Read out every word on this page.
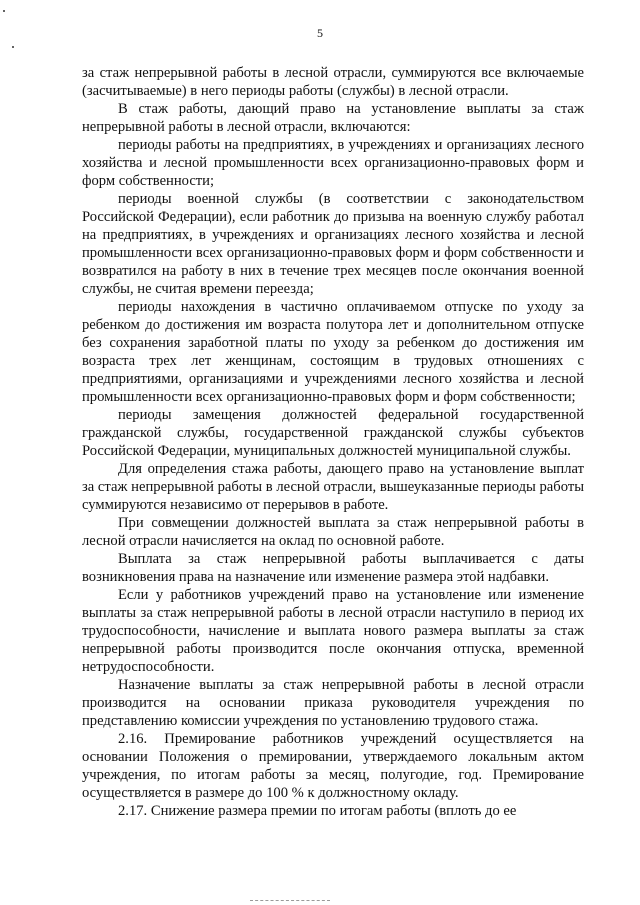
5

за стаж непрерывной работы в лесной отрасли, суммируются все включаемые (засчитываемые) в него периоды работы (службы) в лесной отрасли.

В стаж работы, дающий право на установление выплаты за стаж непрерывной работы в лесной отрасли, включаются:

периоды работы на предприятиях, в учреждениях и организациях лесного хозяйства и лесной промышленности всех организационно-правовых форм и форм собственности;

периоды военной службы (в соответствии с законодательством Российской Федерации), если работник до призыва на военную службу работал на предприятиях, в учреждениях и организациях лесного хозяйства и лесной промышленности всех организационно-правовых форм и форм собственности и возвратился на работу в них в течение трех месяцев после окончания военной службы, не считая времени переезда;

периоды нахождения в частично оплачиваемом отпуске по уходу за ребенком до достижения им возраста полутора лет и дополнительном отпуске без сохранения заработной платы по уходу за ребенком до достижения им возраста трех лет женщинам, состоящим в трудовых отношениях с предприятиями, организациями и учреждениями лесного хозяйства и лесной промышленности всех организационно-правовых форм и форм собственности;

периоды замещения должностей федеральной государственной гражданской службы, государственной гражданской службы субъектов Российской Федерации, муниципальных должностей муниципальной службы.

Для определения стажа работы, дающего право на установление выплат за стаж непрерывной работы в лесной отрасли, вышеуказанные периоды работы суммируются независимо от перерывов в работе.

При совмещении должностей выплата за стаж непрерывной работы в лесной отрасли начисляется на оклад по основной работе.

Выплата за стаж непрерывной работы выплачивается с даты возникновения права на назначение или изменение размера этой надбавки.

Если у работников учреждений право на установление или изменение выплаты за стаж непрерывной работы в лесной отрасли наступило в период их трудоспособности, начисление и выплата нового размера выплаты за стаж непрерывной работы производится после окончания отпуска, временной нетрудоспособности.

Назначение выплаты за стаж непрерывной работы в лесной отрасли производится на основании приказа руководителя учреждения по представлению комиссии учреждения по установлению трудового стажа.

2.16. Премирование работников учреждений осуществляется на основании Положения о премировании, утверждаемого локальным актом учреждения, по итогам работы за месяц, полугодие, год. Премирование осуществляется в размере до 100 % к должностному окладу.

2.17. Снижение размера премии по итогам работы (вплоть до ее
